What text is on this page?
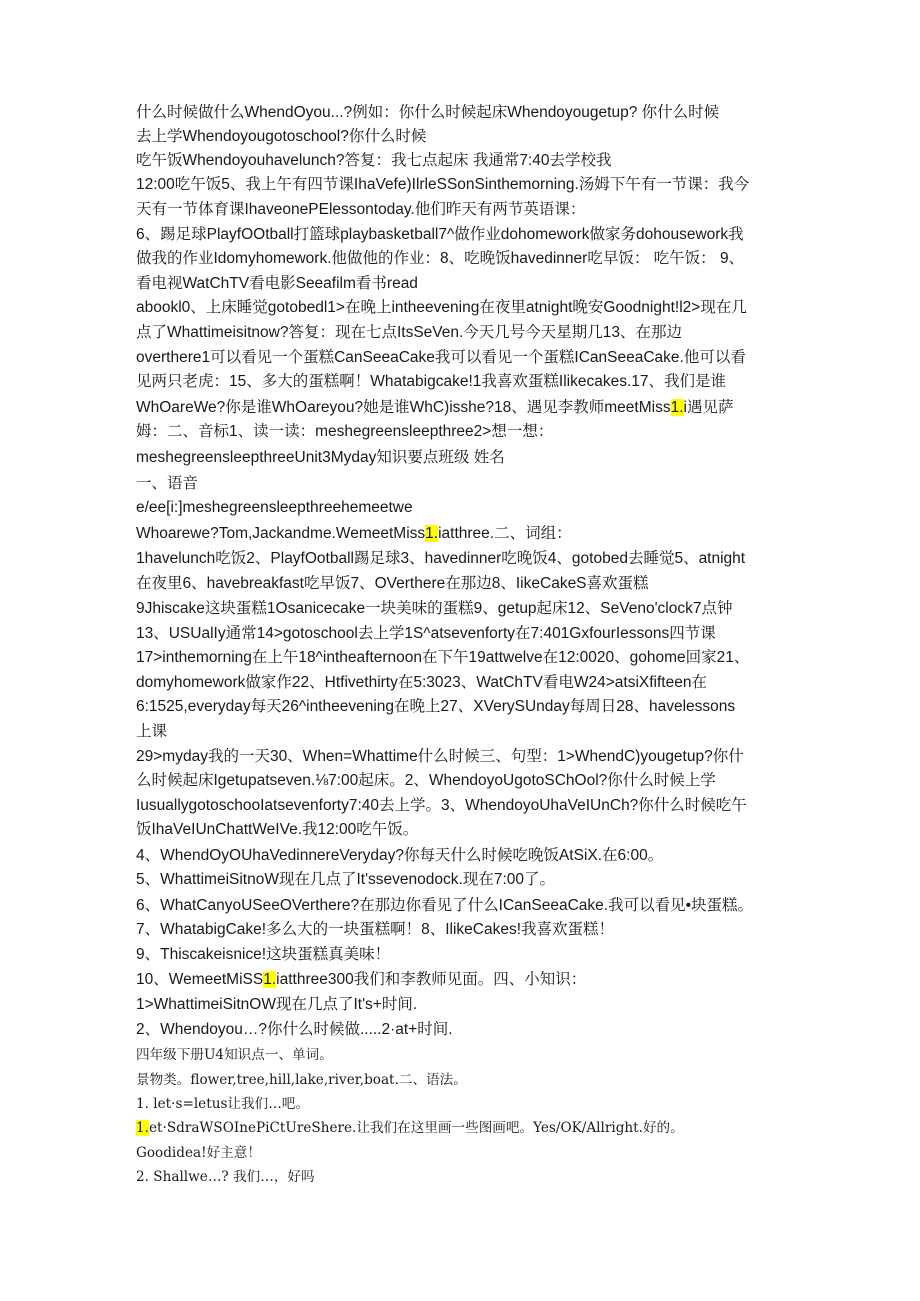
什么时候做什么WhendOyou...?例如：你什么时候起床Whendoyougetup? 你什么时候
去上学Whendoyougotoschool?你什么时候
吃午饭Whendoyouhavelunch?答复：我七点起床 我通常7:40去学校我
12:00吃午饭5、我上午有四节课IhaVefe)IlrleSSonSinthemorning.汤姆下午有一节课：我今
天有一节体育课IhaveonePElessontoday.他们昨天有两节英语课：
6、踢足球PlayfOOtball打篮球playbasketball7^做作业dohomework做家务dohousework我
做我的作业Idomyhomework.他做他的作业：8、吃晚饭havedinner吃早饭： 吃午饭： 9、
看电视WatChTV看电影Seeafilm看书read
abookl0、上床睡觉gotobedl1>在晚上intheevening在夜里atnight晚安Goodnight!l2>现在几
点了Whattimeisitnow?答复：现在七点ItsSeVen.今天几号今天星期几13、在那边
overthere1可以看见一个蛋糕CanSeeaCake我可以看见一个蛋糕ICanSeeaCake.他可以看
见两只老虎：15、多大的蛋糕啊！Whatabigcake!1我喜欢蛋糕Ilikecakes.17、我们是谁
WhOareWe?你是谁WhOareyou?她是谁WhC)isshe?18、遇见李教师meetMiss1.i遇见萨
姆：二、音标1、读一读：meshegreensleepthree2>想一想：
meshegreensleepthreeUnit3Myday知识要点班级 姓名
一、语音
e/ee[i:]meshegreensleepthreehemeetwe
Whoarewe?Tom,Jackandme.WemeetMiss1.iatthree.二、词组：
1havelunch吃饭2、PlayfOotball踢足球3、havedinner吃晚饭4、gotobed去睡觉5、atnight
在夜里6、havebreakfast吃早饭7、OVerthere在那边8、IikeCakeS喜欢蛋糕
9Jhiscake这块蛋糕1Osanicecake一块美味的蛋糕9、getup起床12、SeVeno'clock7点钟
13、USUalIy通常14>gotoschool去上学1S^atsevenforty在7:401GxfourIessons四节课
17>inthemorning在上午18^intheafternoon在下午19attwelve在12:0020、gohome回家21、
domyhomework做家作22、Htfivethirty在5:3023、WatChTV看电W24>atsiXfifteen在
6:1525,everyday每天26^intheevening在晚上27、XVerySUnday每周日28、havelessons
上课
29>myday我的一天30、When=Whattime什么时候三、句型：1>WhendC)yougetup?你什
么时候起床Igetupatseven.⅛7:00起床。2、WhendoyoUgotoSChOol?你什么时候上学
IusuallygotoschooIatsevenforty7:40去上学。3、WhendoyoUhaVeIUnCh?你什么时候吃午
饭IhaVeIUnChattWeIVe.我12:00吃午饭。
4、WhendOyOUhaVedinnereVeryday?你每天什么时候吃晚饭AtSiX.在6:00。
5、WhattimeiSitnoW现在几点了It'ssevenodock.现在7:00了。
6、WhatCanyoUSeeOVerthere?在那边你看见了什么ICanSeeaCake.我可以看见•块蛋糕。
7、WhatabigCake!多么大的一块蛋糕啊！8、IlikeCakes!我喜欢蛋糕！
9、Thiscakeisnice!这块蛋糕真美味！
10、WemeetMiSS1.iatthree300我们和李教师见面。四、小知识：
1>WhattimeiSitnOW现在几点了It's+时间.
2、Whendoyou…?你什么时候做.....2·at+时间.
四年级下册U4知识点一、单词。
景物类。flower,tree,hill,lake,river,boat.二、语法。
1. let·s=letus让我们…吧。
1.et·SdraWSOInePiCtUreShere.让我们在这里画一些图画吧。Yes/OK/Allright.好的。
Goodidea!好主意！
2. Shallwe…? 我们…，好吗
